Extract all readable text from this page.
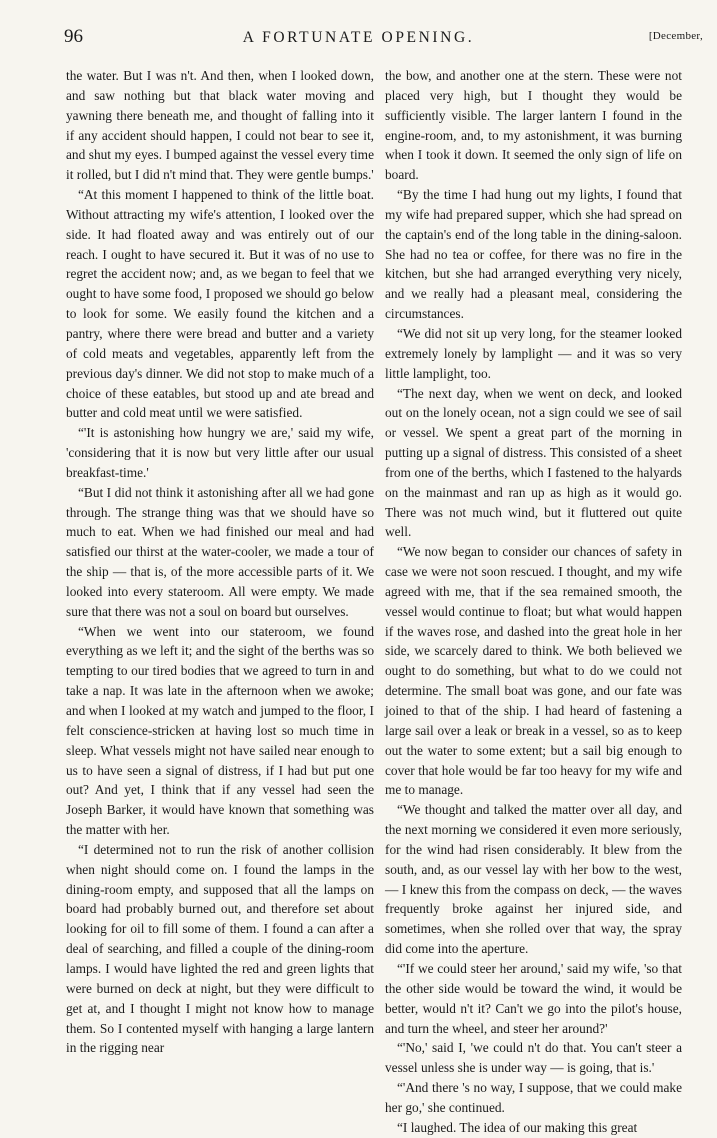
96	A FORTUNATE OPENING.	[December,

the water. But I was n't. And then, when I looked down, and saw nothing but that black water moving and yawning there beneath me, and thought of falling into it if any accident should happen, I could not bear to see it, and shut my eyes. I bumped against the vessel every time it rolled, but I did n't mind that. They were gentle bumps.'

“At this moment I happened to think of the little boat. Without attracting my wife's attention, I looked over the side. It had floated away and was entirely out of our reach. I ought to have secured it. But it was of no use to regret the accident now; and, as we began to feel that we ought to have some food, I proposed we should go below to look for some. We easily found the kitchen and a pantry, where there were bread and butter and a variety of cold meats and vegetables, apparently left from the previous day's dinner. We did not stop to make much of a choice of these eatables, but stood up and ate bread and butter and cold meat until we were satisfied.

“'It is astonishing how hungry we are,' said my wife, 'considering that it is now but very little after our usual breakfast-time.'

“But I did not think it astonishing after all we had gone through. The strange thing was that we should have so much to eat. When we had finished our meal and had satisfied our thirst at the water-cooler, we made a tour of the ship — that is, of the more accessible parts of it. We looked into every stateroom. All were empty. We made sure that there was not a soul on board but ourselves.

“When we went into our stateroom, we found everything as we left it; and the sight of the berths was so tempting to our tired bodies that we agreed to turn in and take a nap. It was late in the afternoon when we awoke; and when I looked at my watch and jumped to the floor, I felt conscience-stricken at having lost so much time in sleep. What vessels might not have sailed near enough to us to have seen a signal of distress, if I had but put one out? And yet, I think that if any vessel had seen the Joseph Barker, it would have known that something was the matter with her.

“I determined not to run the risk of another collision when night should come on. I found the lamps in the dining-room empty, and supposed that all the lamps on board had probably burned out, and therefore set about looking for oil to fill some of them. I found a can after a deal of searching, and filled a couple of the dining-room lamps. I would have lighted the red and green lights that were burned on deck at night, but they were difficult to get at, and I thought I might not know how to manage them. So I contented myself with hanging a large lantern in the rigging near

the bow, and another one at the stern. These were not placed very high, but I thought they would be sufficiently visible. The larger lantern I found in the engine-room, and, to my astonishment, it was burning when I took it down. It seemed the only sign of life on board.

“By the time I had hung out my lights, I found that my wife had prepared supper, which she had spread on the captain's end of the long table in the dining-saloon. She had no tea or coffee, for there was no fire in the kitchen, but she had arranged everything very nicely, and we really had a pleasant meal, considering the circumstances.

“We did not sit up very long, for the steamer looked extremely lonely by lamplight — and it was so very little lamplight, too.

“The next day, when we went on deck, and looked out on the lonely ocean, not a sign could we see of sail or vessel. We spent a great part of the morning in putting up a signal of distress. This consisted of a sheet from one of the berths, which I fastened to the halyards on the mainmast and ran up as high as it would go. There was not much wind, but it fluttered out quite well.

“We now began to consider our chances of safety in case we were not soon rescued. I thought, and my wife agreed with me, that if the sea remained smooth, the vessel would continue to float; but what would happen if the waves rose, and dashed into the great hole in her side, we scarcely dared to think. We both believed we ought to do something, but what to do we could not determine. The small boat was gone, and our fate was joined to that of the ship. I had heard of fastening a large sail over a leak or break in a vessel, so as to keep out the water to some extent; but a sail big enough to cover that hole would be far too heavy for my wife and me to manage.

“We thought and talked the matter over all day, and the next morning we considered it even more seriously, for the wind had risen considerably. It blew from the south, and, as our vessel lay with her bow to the west, — I knew this from the compass on deck, — the waves frequently broke against her injured side, and sometimes, when she rolled over that way, the spray did come into the aperture.

“'If we could steer her around,' said my wife, 'so that the other side would be toward the wind, it would be better, would n't it? Can't we go into the pilot's house, and turn the wheel, and steer her around?'

“'No,' said I, 'we could n't do that. You can't steer a vessel unless she is under way — is going, that is.'

“'And there 's no way, I suppose, that we could make her go,' she continued.

“I laughed. The idea of our making this great
